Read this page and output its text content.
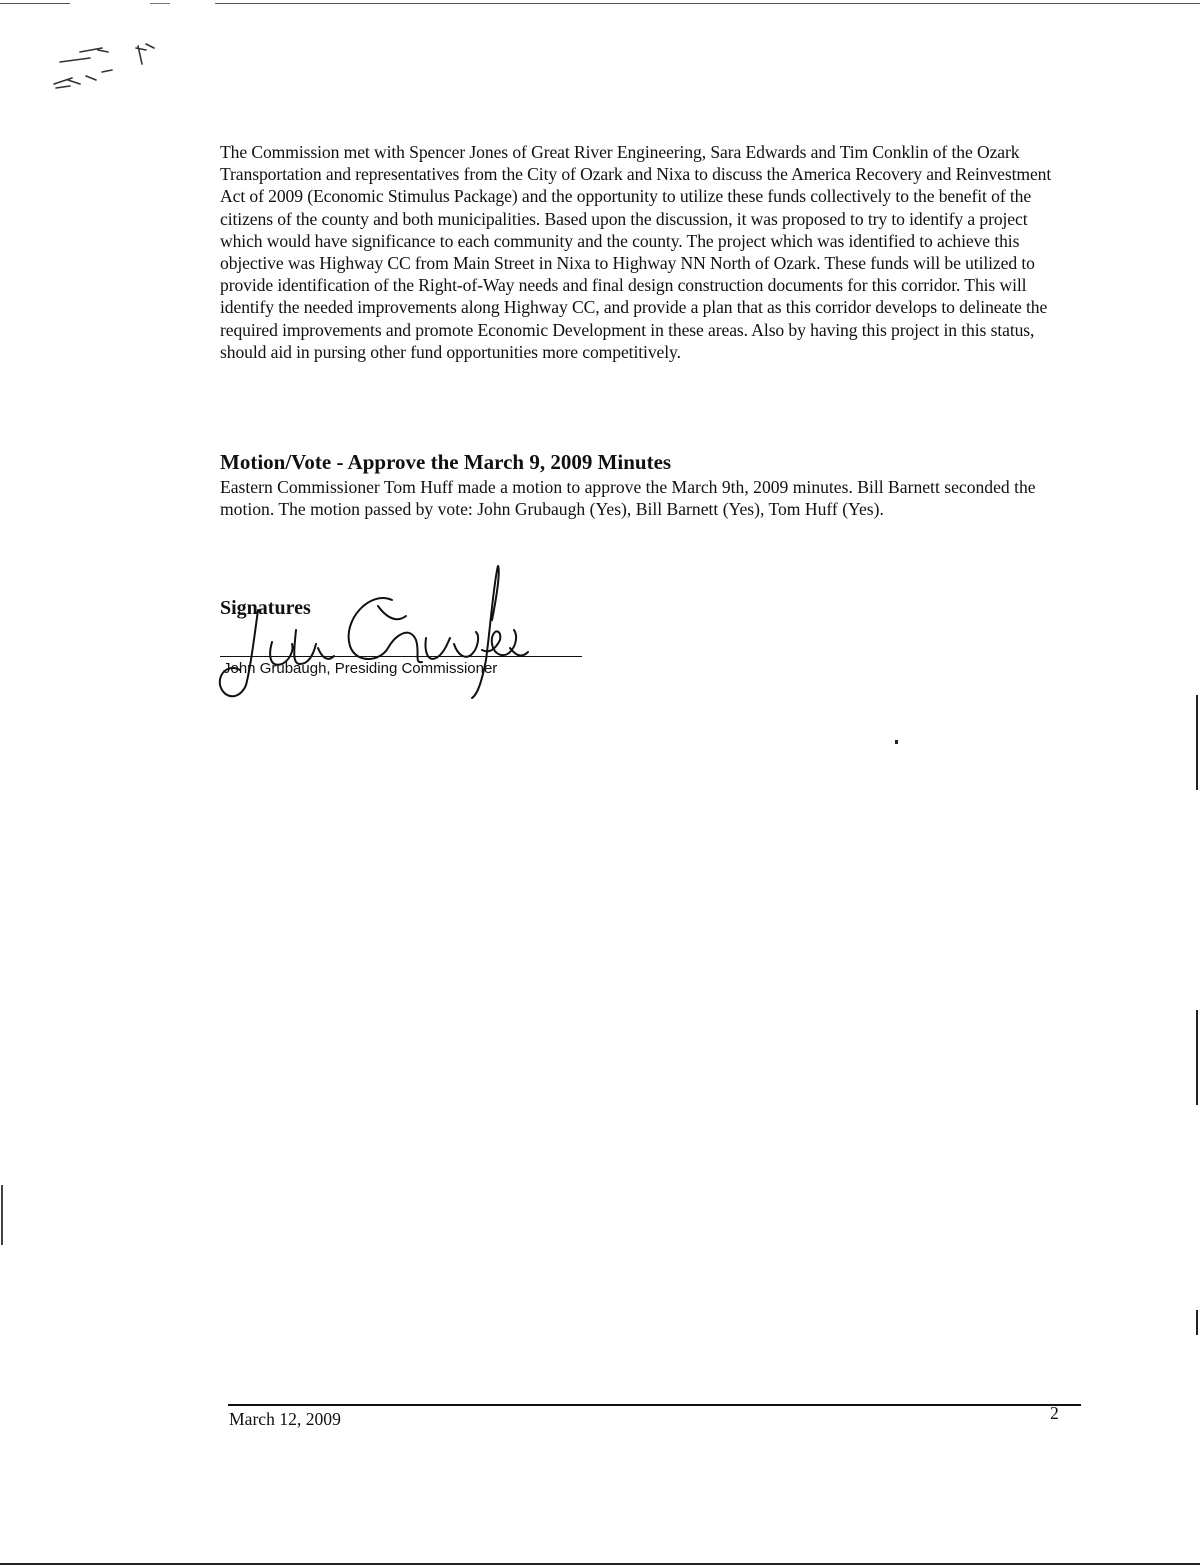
The Commission met with Spencer Jones of Great River Engineering, Sara Edwards and Tim Conklin of the Ozark Transportation and representatives from the City of Ozark and Nixa to discuss the America Recovery and Reinvestment Act of 2009 (Economic Stimulus Package) and the opportunity to utilize these funds collectively to the benefit of the citizens of the county and both municipalities. Based upon the discussion, it was proposed to try to identify a project which would have significance to each community and the county. The project which was identified to achieve this objective was Highway CC from Main Street in Nixa to Highway NN North of Ozark. These funds will be utilized to provide identification of the Right-of-Way needs and final design construction documents for this corridor. This will identify the needed improvements along Highway CC, and provide a plan that as this corridor develops to delineate the required improvements and promote Economic Development in these areas. Also by having this project in this status, should aid in pursing other fund opportunities more competitively.

Motion/Vote - Approve the March 9, 2009 Minutes

Eastern Commissioner Tom Huff made a motion to approve the March 9th, 2009 minutes. Bill Barnett seconded the motion. The motion passed by vote: John Grubaugh (Yes), Bill Barnett (Yes), Tom Huff (Yes).

Signatures

John Grubaugh, Presiding Commissioner

March 12, 2009	2
